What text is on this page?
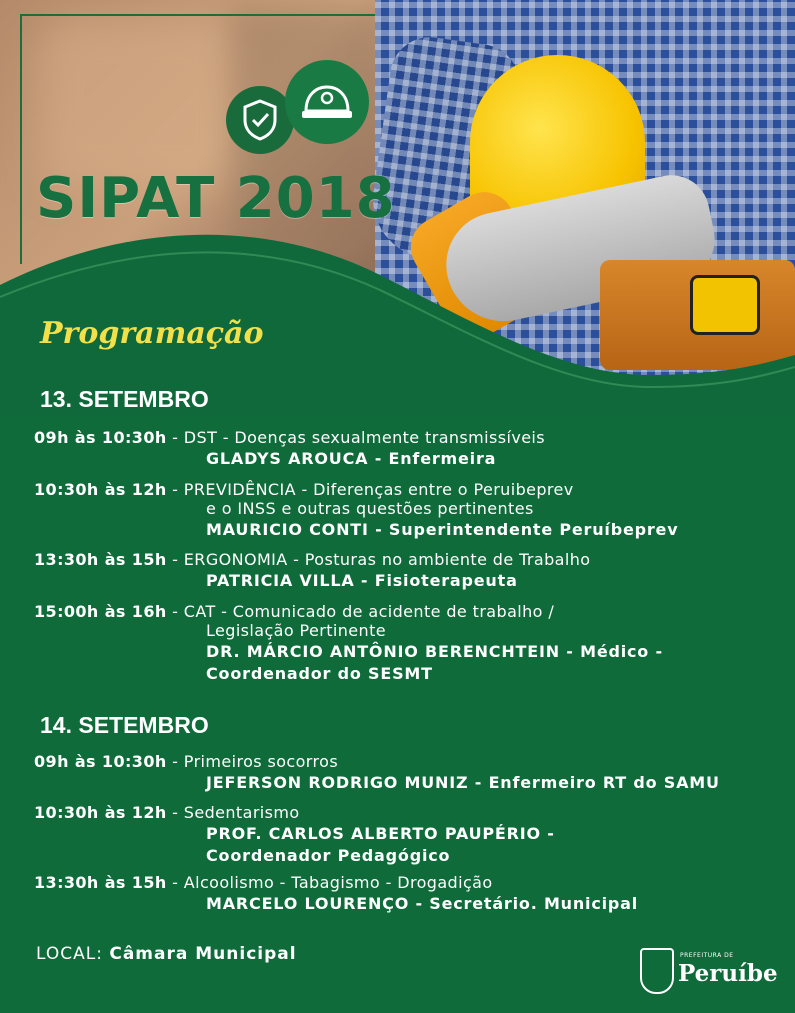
SIPAT 2018
Programação
13. SETEMBRO
09h às 10:30h - DST - Doenças sexualmente transmissíveis
GLADYS AROUCA - Enfermeira
10:30h às 12h - PREVIDÊNCIA - Diferenças entre o Peruibeprev
e o INSS e outras questões pertinentes
MAURICIO CONTI - Superintendente Peruíbeprev
13:30h às 15h - ERGONOMIA - Posturas no ambiente de Trabalho
PATRICIA VILLA - Fisioterapeuta
15:00h às 16h - CAT - Comunicado de acidente de trabalho /
Legislação Pertinente
DR. MÁRCIO ANTÔNIO BERENCHTEIN - Médico -
Coordenador do SESMT
14. SETEMBRO
09h às 10:30h - Primeiros socorros
JEFERSON RODRIGO MUNIZ - Enfermeiro RT do SAMU
10:30h às 12h - Sedentarismo
PROF. CARLOS ALBERTO PAUPÉRIO -
Coordenador Pedagógico
13:30h às 15h - Alcoolismo - Tabagismo - Drogadição
MARCELO LOURENÇO - Secretário. Municipal
LOCAL: Câmara Municipal	PREFEITURA DE
Peruíbe
